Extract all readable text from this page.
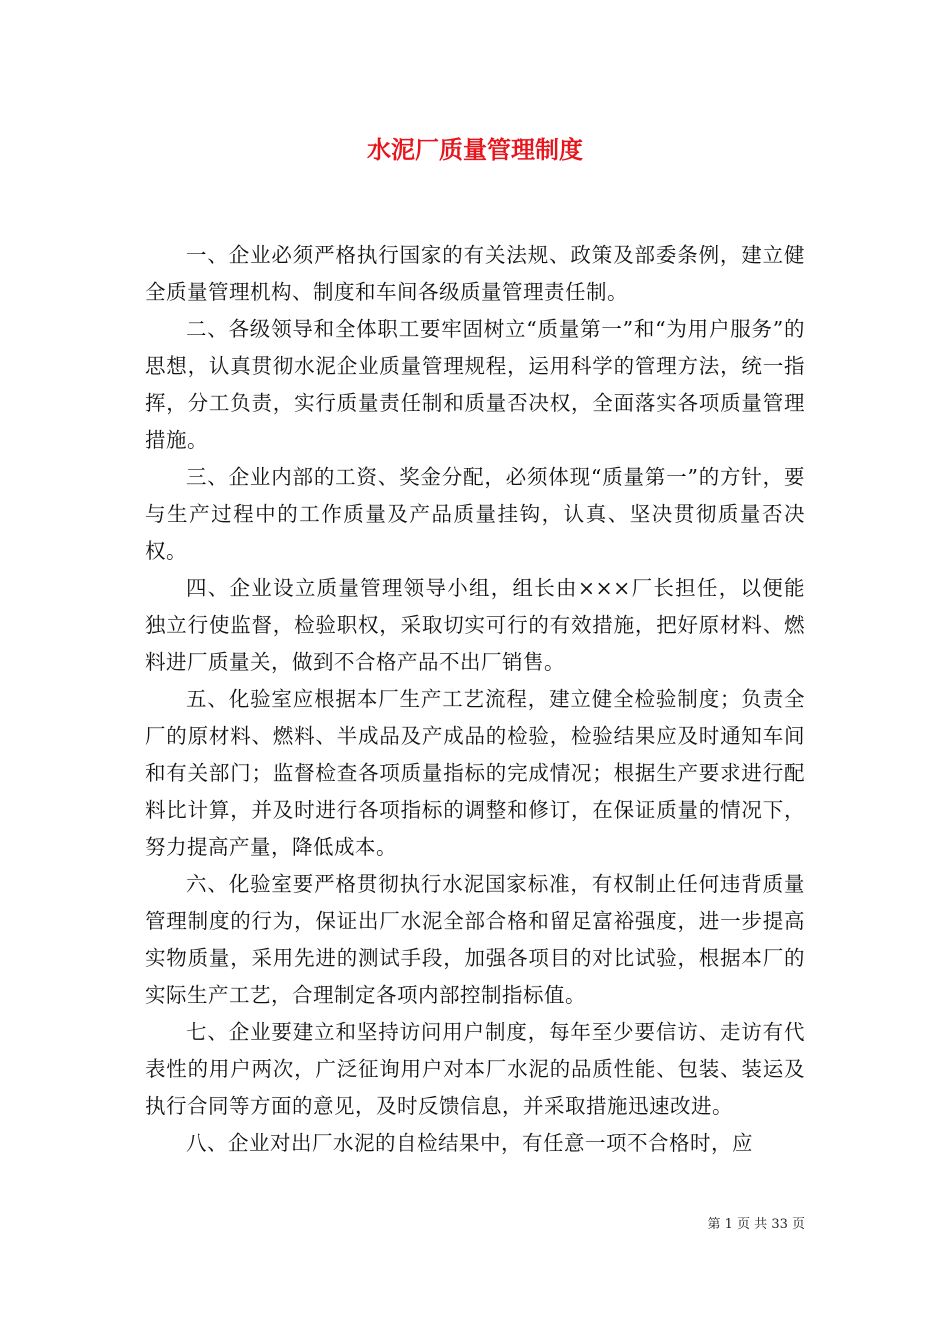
水泥厂质量管理制度

一、企业必须严格执行国家的有关法规、政策及部委条例，建立健全质量管理机构、制度和车间各级质量管理责任制。

二、各级领导和全体职工要牢固树立“质量第一”和“为用户服务”的思想，认真贯彻水泥企业质量管理规程，运用科学的管理方法，统一指挥，分工负责，实行质量责任制和质量否决权，全面落实各项质量管理措施。

三、企业内部的工资、奖金分配，必须体现“质量第一”的方针，要与生产过程中的工作质量及产品质量挂钩，认真、坚决贯彻质量否决权。

四、企业设立质量管理领导小组，组长由×××厂长担任，以便能独立行使监督，检验职权，采取切实可行的有效措施，把好原材料、燃料进厂质量关，做到不合格产品不出厂销售。

五、化验室应根据本厂生产工艺流程，建立健全检验制度；负责全厂的原材料、燃料、半成品及产成品的检验，检验结果应及时通知车间和有关部门；监督检查各项质量指标的完成情况；根据生产要求进行配料比计算，并及时进行各项指标的调整和修订，在保证质量的情况下，努力提高产量，降低成本。

六、化验室要严格贯彻执行水泥国家标准，有权制止任何违背质量管理制度的行为，保证出厂水泥全部合格和留足富裕强度，进一步提高实物质量，采用先进的测试手段，加强各项目的对比试验，根据本厂的实际生产工艺，合理制定各项内部控制指标值。

七、企业要建立和坚持访问用户制度，每年至少要信访、走访有代表性的用户两次，广泛征询用户对本厂水泥的品质性能、包装、装运及执行合同等方面的意见，及时反馈信息，并采取措施迅速改进。

八、企业对出厂水泥的自检结果中，有任意一项不合格时，应

第 1 页 共 33 页
